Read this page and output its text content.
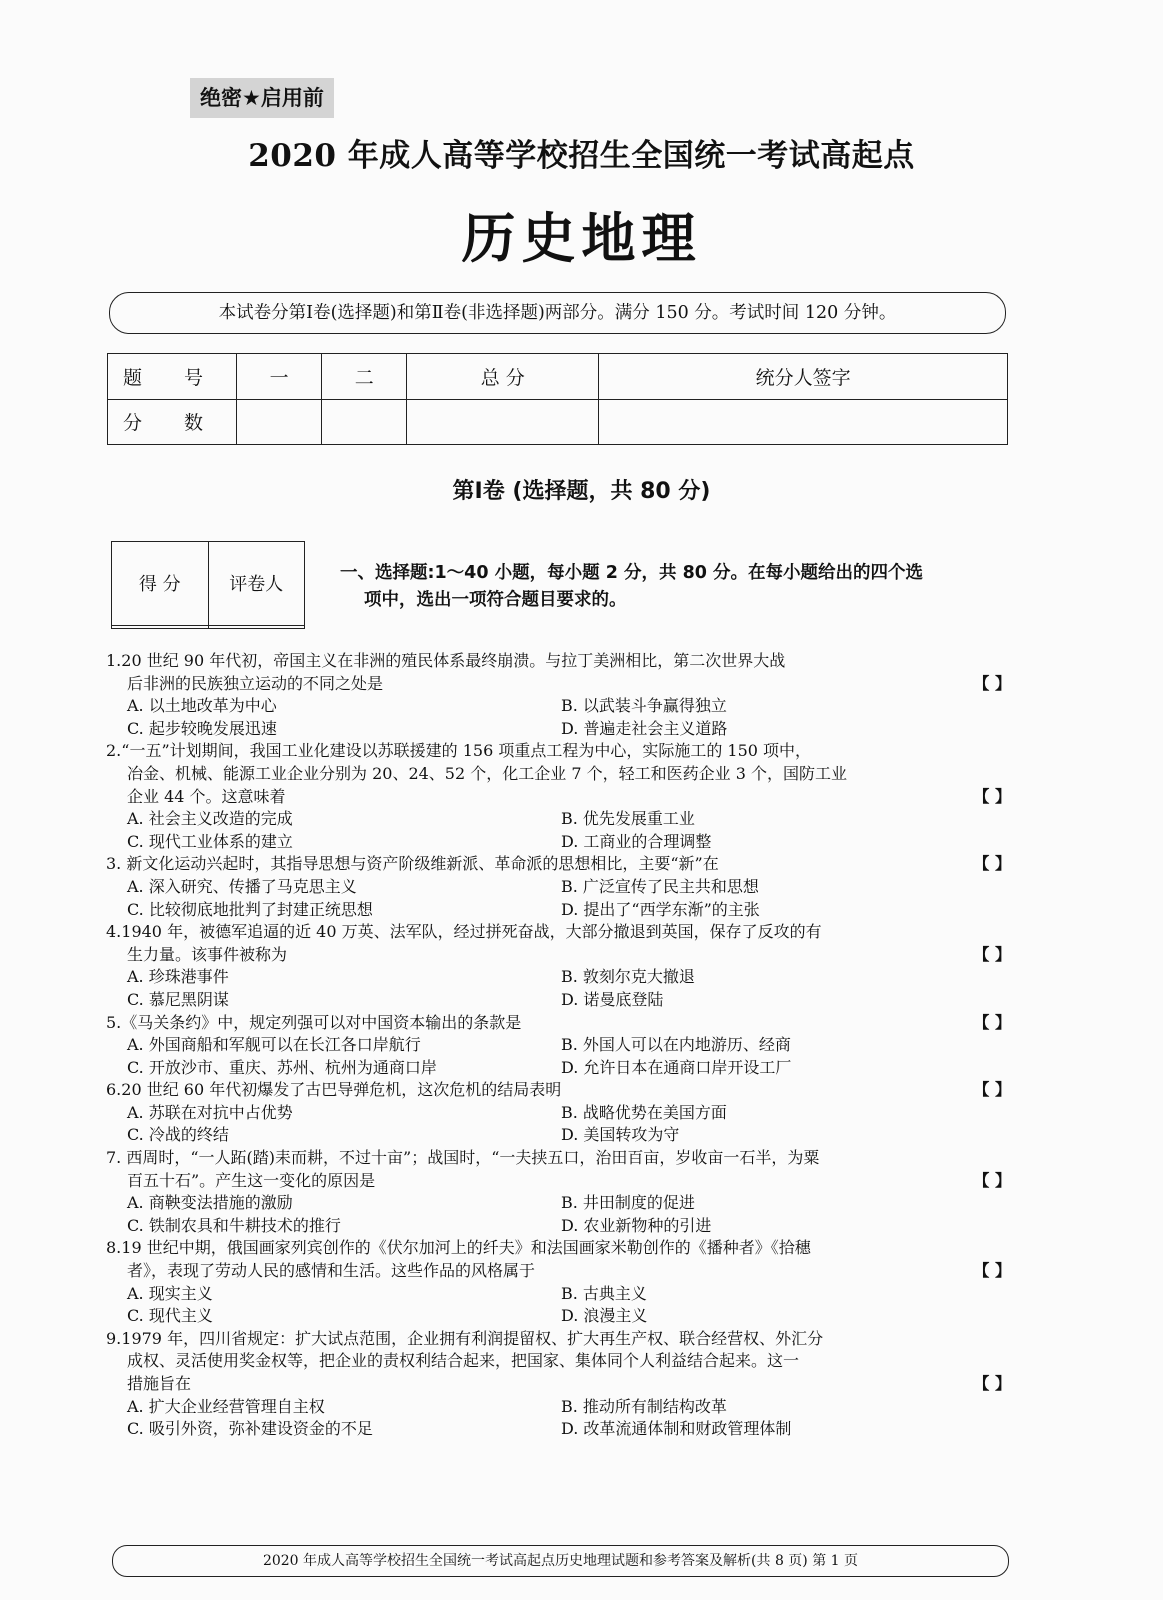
绝密★启用前
2020 年成人高等学校招生全国统一考试高起点
历史地理
本试卷分第Ⅰ卷(选择题)和第Ⅱ卷(非选择题)两部分。满分 150 分。考试时间 120 分钟。
题 号	一	二	总 分	统分人签字
分 数				
第Ⅰ卷 (选择题，共 80 分)
得 分	评卷人

一、选择题:1～40 小题，每小题 2 分，共 80 分。在每小题给出的四个选
项中，选出一项符合题目要求的。
1.20 世纪 90 年代初，帝国主义在非洲的殖民体系最终崩溃。与拉丁美洲相比，第二次世界大战
后非洲的民族独立运动的不同之处是	【 】
A. 以土地改革为中心	B. 以武装斗争赢得独立
C. 起步较晚发展迅速	D. 普遍走社会主义道路
2.“一五”计划期间，我国工业化建设以苏联援建的 156 项重点工程为中心，实际施工的 150 项中，
冶金、机械、能源工业企业分别为 20、24、52 个，化工企业 7 个，轻工和医药企业 3 个，国防工业
企业 44 个。这意味着	【 】
A. 社会主义改造的完成	B. 优先发展重工业
C. 现代工业体系的建立	D. 工商业的合理调整
3. 新文化运动兴起时，其指导思想与资产阶级维新派、革命派的思想相比，主要“新”在	【 】
A. 深入研究、传播了马克思主义	B. 广泛宣传了民主共和思想
C. 比较彻底地批判了封建正统思想	D. 提出了“西学东渐”的主张
4.1940 年，被德军追逼的近 40 万英、法军队，经过拼死奋战，大部分撤退到英国，保存了反攻的有
生力量。该事件被称为	【 】
A. 珍珠港事件	B. 敦刻尔克大撤退
C. 慕尼黑阴谋	D. 诺曼底登陆
5.《马关条约》中，规定列强可以对中国资本输出的条款是	【 】
A. 外国商船和军舰可以在长江各口岸航行	B. 外国人可以在内地游历、经商
C. 开放沙市、重庆、苏州、杭州为通商口岸	D. 允许日本在通商口岸开设工厂
6.20 世纪 60 年代初爆发了古巴导弹危机，这次危机的结局表明	【 】
A. 苏联在对抗中占优势	B. 战略优势在美国方面
C. 冷战的终结	D. 美国转攻为守
7. 西周时，“一人跖(踏)耒而耕，不过十亩”；战国时，“一夫挟五口，治田百亩，岁收亩一石半，为粟
百五十石”。产生这一变化的原因是	【 】
A. 商鞅变法措施的激励	B. 井田制度的促进
C. 铁制农具和牛耕技术的推行	D. 农业新物种的引进
8.19 世纪中期，俄国画家列宾创作的《伏尔加河上的纤夫》和法国画家米勒创作的《播种者》《拾穗
者》，表现了劳动人民的感情和生活。这些作品的风格属于	【 】
A. 现实主义	B. 古典主义
C. 现代主义	D. 浪漫主义
9.1979 年，四川省规定：扩大试点范围，企业拥有利润提留权、扩大再生产权、联合经营权、外汇分
成权、灵活使用奖金权等，把企业的责权利结合起来，把国家、集体同个人利益结合起来。这一
措施旨在	【 】
A. 扩大企业经营管理自主权	B. 推动所有制结构改革
C. 吸引外资，弥补建设资金的不足	D. 改革流通体制和财政管理体制
2020 年成人高等学校招生全国统一考试高起点历史地理试题和参考答案及解析(共 8 页) 第 1 页
